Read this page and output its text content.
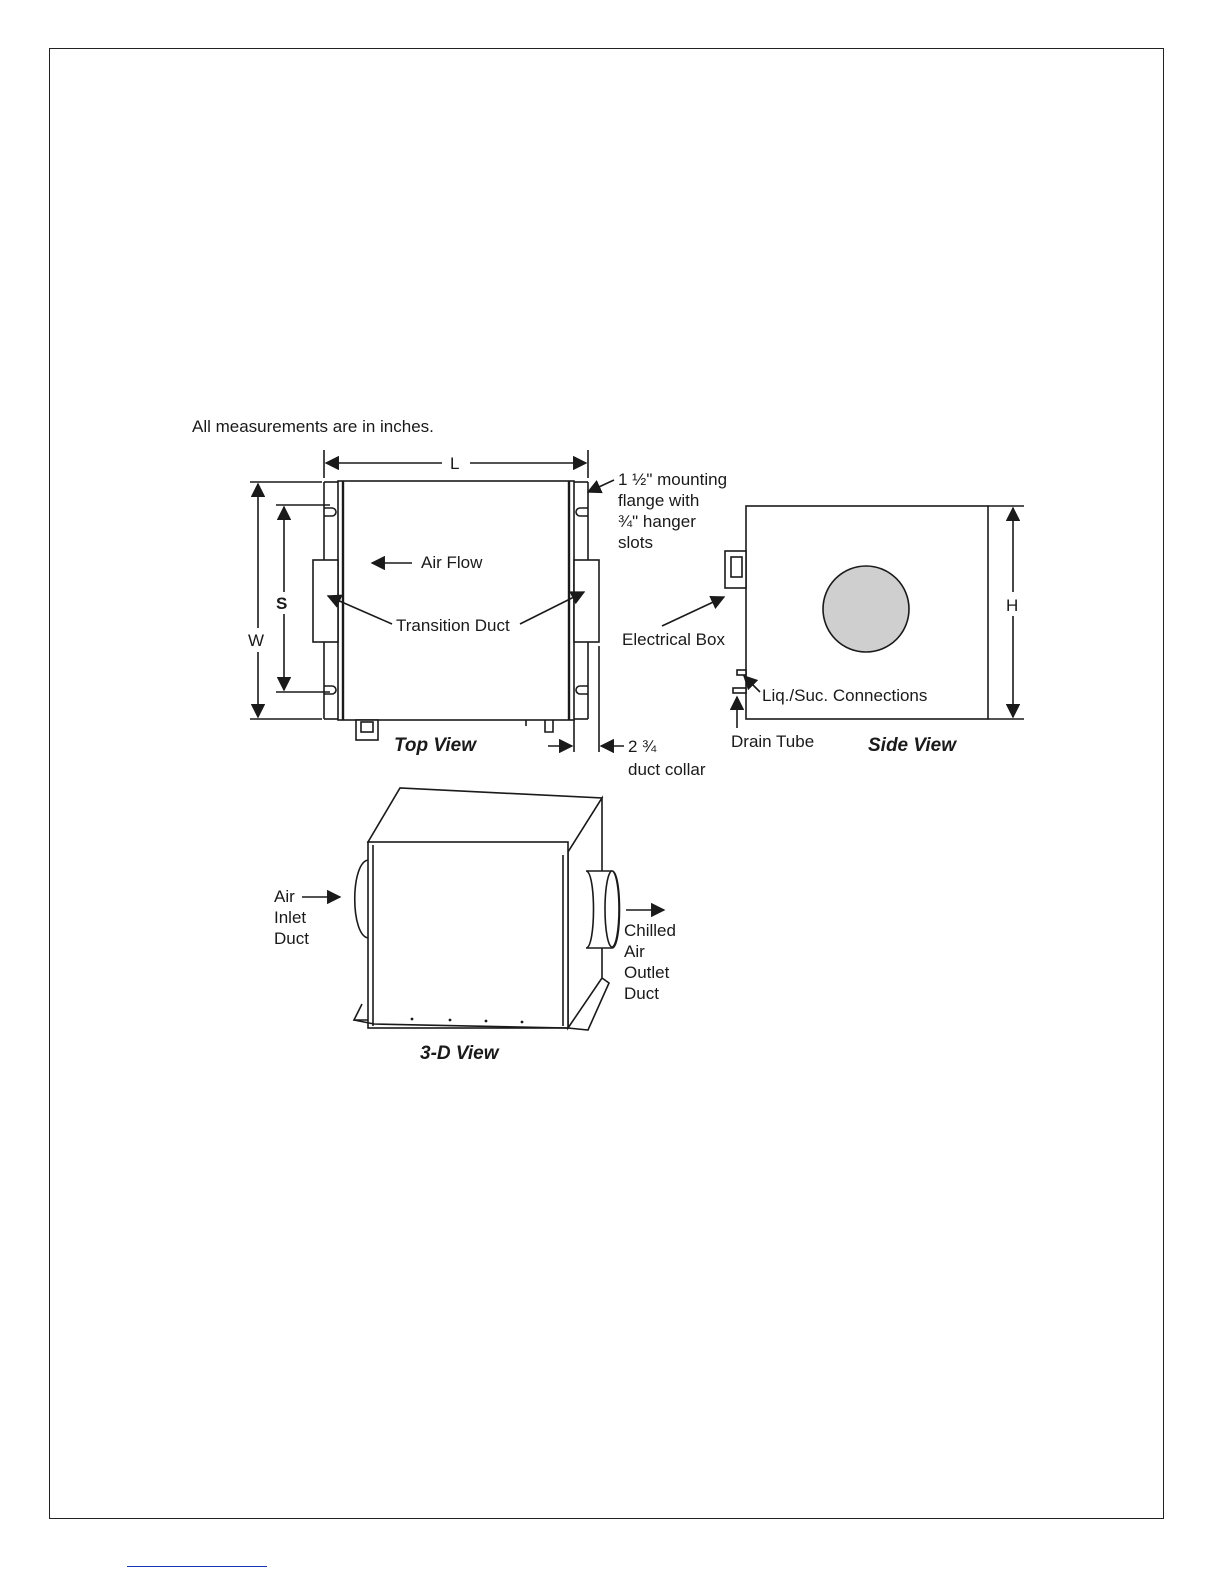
All measurements are in inches.
L
W
S
Air Flow
Transition Duct
1 ½" mounting
flange with
¾" hanger
slots
2 ¾
duct collar
Top View
Electrical Box
Liq./Suc. Connections
Drain Tube
H
Side View
Air
Inlet
Duct	Chilled
Air
Outlet
Duct
3-D View
